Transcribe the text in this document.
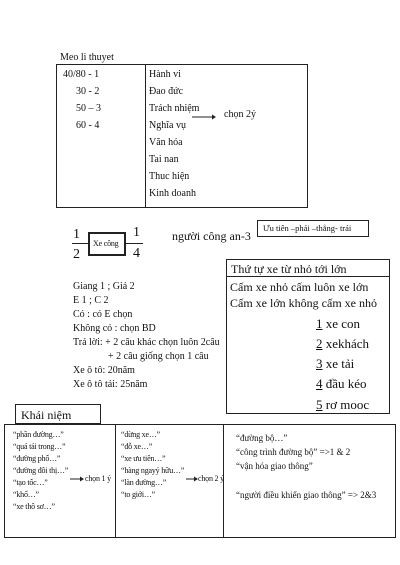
Meo li thuyet
40/80 - 1
30 - 2
50 – 3
60 - 4
Hành vi
Đao đức
Trách nhiệm
Nghĩa vụ
Văn hóa
Tai nan
Thuc hiện
Kinh doanh
chọn 2ý
1
2
Xe công
1
4
người công an-3
Ưu tiên –phải –thẳng- trái
Thứ tự xe từ nhỏ tới lớn
Cấm xe nhỏ cấm luôn xe lớn
Cấm xe lớn không cấm xe nhỏ
1 xe con
2 xekhách
3 xe tải
4 đầu kéo
5 rơ mooc
Giang 1 ; Giả 2
E 1 ; C 2
Có : có E chọn
Không có : chọn BD
Trả lời: + 2 câu khác chọn luôn 2câu
+ 2 câu giống chọn 1 câu
Xe ô tô: 20năm
Xe ô tô tải: 25năm
Khái niệm
“phần đường…”
“quá tải trong…”
“đường phố…”
“đường đôi thị…”
“tạo tốc…”
“khổ…”
“xe thô sơ…”
chọn 1 ý
“dừng xe…”
“đỗ xe…”
“xe ưu tiên…”
“hàng ngayý hữu…”
“làn đường…”
“to giới…”
chọn 2 ý
“đường bộ…”
“công trình đường bộ” =>1 & 2
“vận hóa giao thông”
“người điều khiển giao thông” => 2&3
